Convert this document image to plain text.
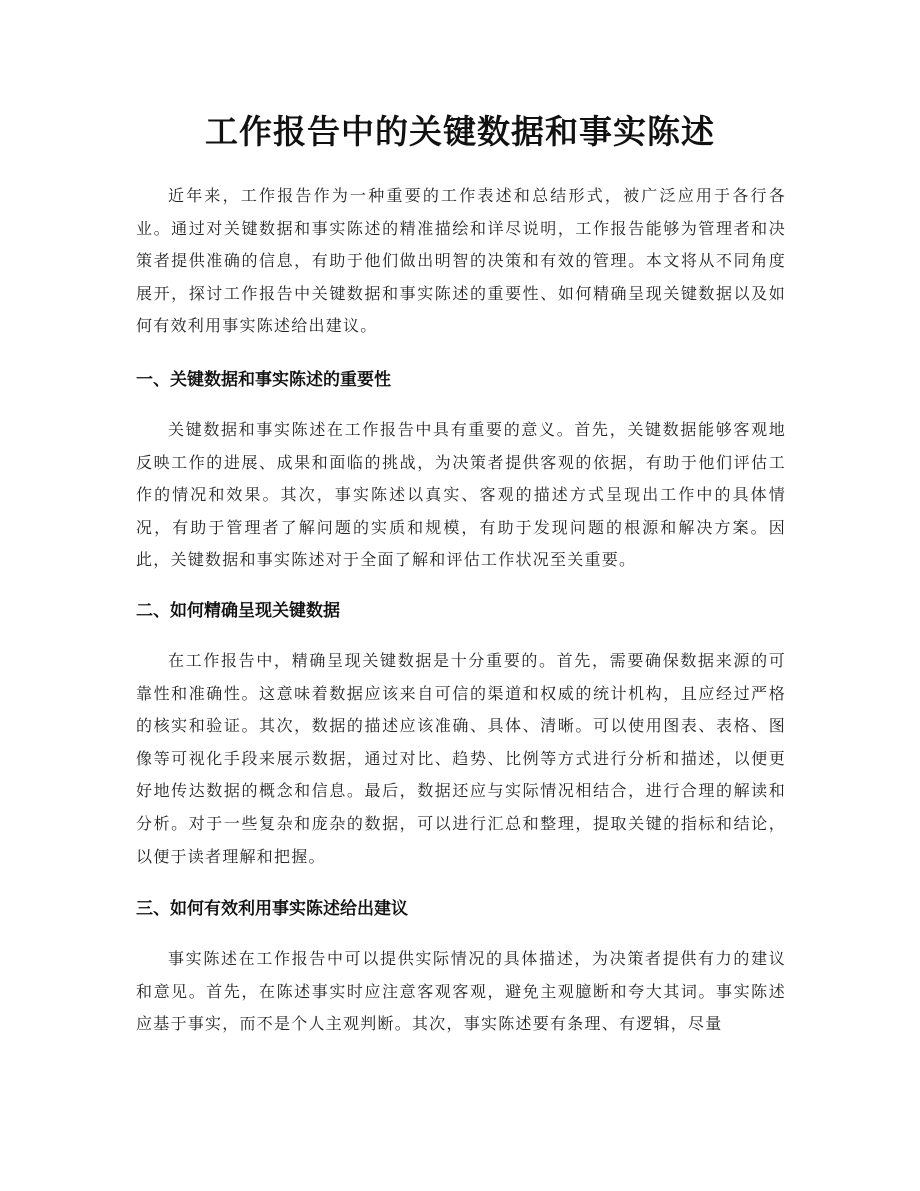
工作报告中的关键数据和事实陈述

近年来，工作报告作为一种重要的工作表述和总结形式，被广泛应用于各行各业。通过对关键数据和事实陈述的精准描绘和详尽说明，工作报告能够为管理者和决策者提供准确的信息，有助于他们做出明智的决策和有效的管理。本文将从不同角度展开，探讨工作报告中关键数据和事实陈述的重要性、如何精确呈现关键数据以及如何有效利用事实陈述给出建议。

一、关键数据和事实陈述的重要性

关键数据和事实陈述在工作报告中具有重要的意义。首先，关键数据能够客观地反映工作的进展、成果和面临的挑战，为决策者提供客观的依据，有助于他们评估工作的情况和效果。其次，事实陈述以真实、客观的描述方式呈现出工作中的具体情况，有助于管理者了解问题的实质和规模，有助于发现问题的根源和解决方案。因此，关键数据和事实陈述对于全面了解和评估工作状况至关重要。

二、如何精确呈现关键数据

在工作报告中，精确呈现关键数据是十分重要的。首先，需要确保数据来源的可靠性和准确性。这意味着数据应该来自可信的渠道和权威的统计机构，且应经过严格的核实和验证。其次，数据的描述应该准确、具体、清晰。可以使用图表、表格、图像等可视化手段来展示数据，通过对比、趋势、比例等方式进行分析和描述，以便更好地传达数据的概念和信息。最后，数据还应与实际情况相结合，进行合理的解读和分析。对于一些复杂和庞杂的数据，可以进行汇总和整理，提取关键的指标和结论，以便于读者理解和把握。

三、如何有效利用事实陈述给出建议

事实陈述在工作报告中可以提供实际情况的具体描述，为决策者提供有力的建议和意见。首先，在陈述事实时应注意客观客观，避免主观臆断和夸大其词。事实陈述应基于事实，而不是个人主观判断。其次，事实陈述要有条理、有逻辑，尽量
